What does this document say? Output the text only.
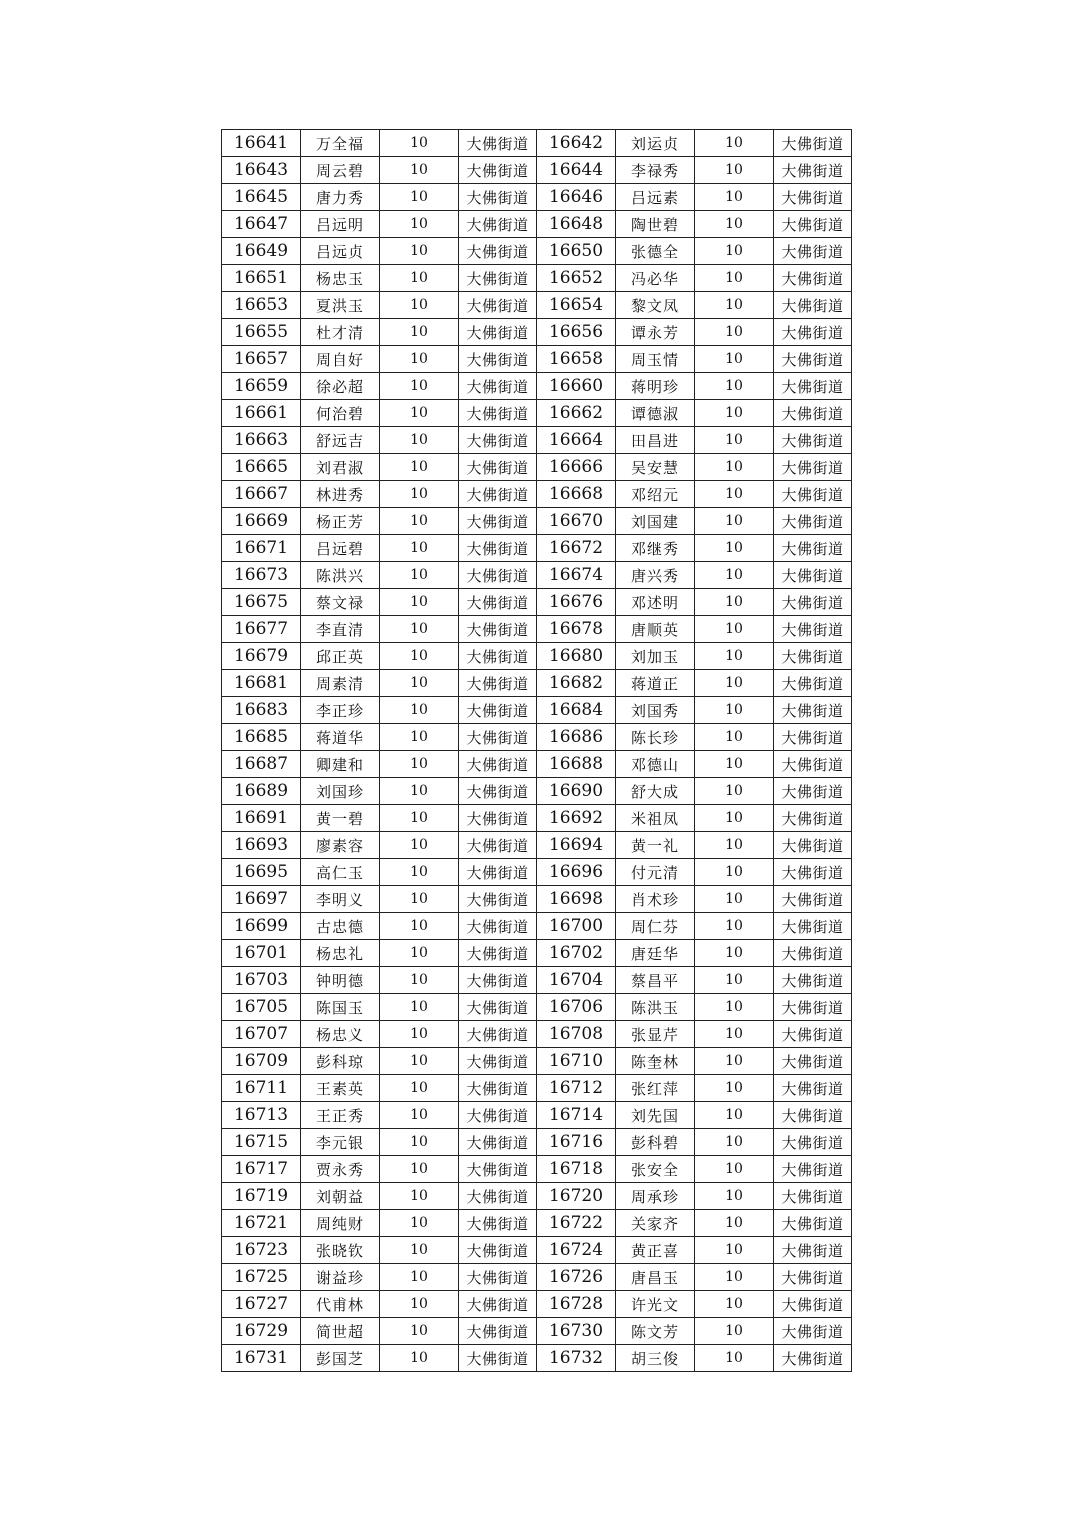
16641	万全福	10	大佛街道	16642	刘运贞	10	大佛街道
16643	周云碧	10	大佛街道	16644	李禄秀	10	大佛街道
16645	唐力秀	10	大佛街道	16646	吕远素	10	大佛街道
16647	吕远明	10	大佛街道	16648	陶世碧	10	大佛街道
16649	吕远贞	10	大佛街道	16650	张德全	10	大佛街道
16651	杨忠玉	10	大佛街道	16652	冯必华	10	大佛街道
16653	夏洪玉	10	大佛街道	16654	黎文凤	10	大佛街道
16655	杜才清	10	大佛街道	16656	谭永芳	10	大佛街道
16657	周自好	10	大佛街道	16658	周玉情	10	大佛街道
16659	徐必超	10	大佛街道	16660	蒋明珍	10	大佛街道
16661	何治碧	10	大佛街道	16662	谭德淑	10	大佛街道
16663	舒远吉	10	大佛街道	16664	田昌进	10	大佛街道
16665	刘君淑	10	大佛街道	16666	吴安慧	10	大佛街道
16667	林进秀	10	大佛街道	16668	邓绍元	10	大佛街道
16669	杨正芳	10	大佛街道	16670	刘国建	10	大佛街道
16671	吕远碧	10	大佛街道	16672	邓继秀	10	大佛街道
16673	陈洪兴	10	大佛街道	16674	唐兴秀	10	大佛街道
16675	蔡文禄	10	大佛街道	16676	邓述明	10	大佛街道
16677	李直清	10	大佛街道	16678	唐顺英	10	大佛街道
16679	邱正英	10	大佛街道	16680	刘加玉	10	大佛街道
16681	周素清	10	大佛街道	16682	蒋道正	10	大佛街道
16683	李正珍	10	大佛街道	16684	刘国秀	10	大佛街道
16685	蒋道华	10	大佛街道	16686	陈长珍	10	大佛街道
16687	卿建和	10	大佛街道	16688	邓德山	10	大佛街道
16689	刘国珍	10	大佛街道	16690	舒大成	10	大佛街道
16691	黄一碧	10	大佛街道	16692	米祖凤	10	大佛街道
16693	廖素容	10	大佛街道	16694	黄一礼	10	大佛街道
16695	高仁玉	10	大佛街道	16696	付元清	10	大佛街道
16697	李明义	10	大佛街道	16698	肖术珍	10	大佛街道
16699	古忠德	10	大佛街道	16700	周仁芬	10	大佛街道
16701	杨忠礼	10	大佛街道	16702	唐廷华	10	大佛街道
16703	钟明德	10	大佛街道	16704	蔡昌平	10	大佛街道
16705	陈国玉	10	大佛街道	16706	陈洪玉	10	大佛街道
16707	杨忠义	10	大佛街道	16708	张显芹	10	大佛街道
16709	彭科琼	10	大佛街道	16710	陈奎林	10	大佛街道
16711	王素英	10	大佛街道	16712	张红萍	10	大佛街道
16713	王正秀	10	大佛街道	16714	刘先国	10	大佛街道
16715	李元银	10	大佛街道	16716	彭科碧	10	大佛街道
16717	贾永秀	10	大佛街道	16718	张安全	10	大佛街道
16719	刘朝益	10	大佛街道	16720	周承珍	10	大佛街道
16721	周纯财	10	大佛街道	16722	关家齐	10	大佛街道
16723	张晓钦	10	大佛街道	16724	黄正喜	10	大佛街道
16725	谢益珍	10	大佛街道	16726	唐昌玉	10	大佛街道
16727	代甫林	10	大佛街道	16728	许光文	10	大佛街道
16729	简世超	10	大佛街道	16730	陈文芳	10	大佛街道
16731	彭国芝	10	大佛街道	16732	胡三俊	10	大佛街道
